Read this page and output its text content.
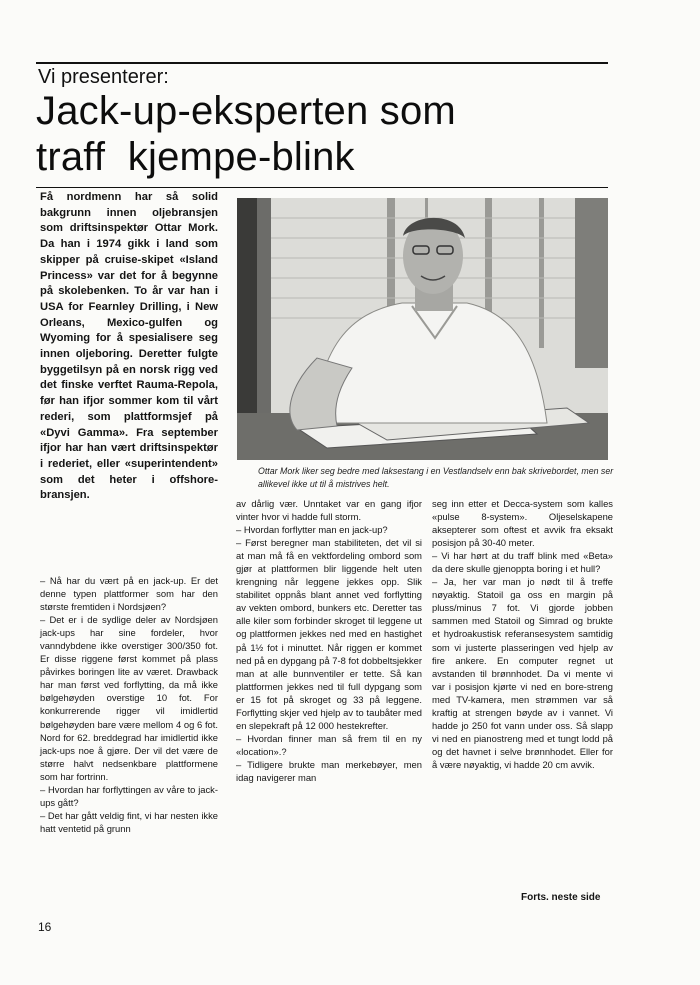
Vi presenterer:
Jack-up-eksperten som
traff  kjempe-blink

Få nordmenn har så solid bakgrunn innen oljebransjen som driftsinspektør Ottar Mork. Da han i 1974 gikk i land som skipper på cruise-skipet «Island Princess» var det for å begynne på skolebenken. To år var han i USA for Fearnley Drilling, i New Orleans, Mexico-gulfen og Wyoming for å spesialisere seg innen oljeboring. Deretter fulgte byggetilsyn på en norsk rigg ved det finske verftet Rauma-Repola, før han ifjor sommer kom til vårt rederi, som plattformsjef på «Dyvi Gamma». Fra september ifjor har han vært driftsinspektør i rederiet, eller «superintendent» som det heter i offshore-bransjen.

Ottar Mork liker seg bedre med laksestang i en Vestlandselv enn bak skrivebordet, men ser allikevel ikke ut til å mistrives helt.

– Nå har du vært på en jack-up. Er det denne typen plattformer som har den største fremtiden i Nordsjøen?

– Det er i de sydlige deler av Nordsjøen jack-ups har sine fordeler, hvor vanndybdene ikke overstiger 300/350 fot. Er disse riggene først kommet på plass påvirkes boringen lite av været. Drawback har man først ved forflytting, da må ikke bølgehøyden overstige 10 fot. For konkurrerende rigger vil imidlertid bølgehøyden bare være mellom 4 og 6 fot. Nord for 62. breddegrad har imidlertid ikke jack-ups noe å gjøre. Der vil det være de større halvt nedsenkbare plattformene som har fortrinn.

– Hvordan har forflyttingen av våre to jack-ups gått?

– Det har gått veldig fint, vi har nesten ikke hatt ventetid på grunn

av dårlig vær. Unntaket var en gang ifjor vinter hvor vi hadde full storm.

– Hvordan forflytter man en jack-up?

– Først beregner man stabiliteten, det vil si at man må få en vektfordeling ombord som gjør at plattformen blir liggende helt uten krengning når leggene jekkes opp. Slik stabilitet oppnås blant annet ved forflytting av vekten ombord, bunkers etc. Deretter tas alle kiler som forbinder skroget til leggene ut og plattformen jekkes ned med en hastighet på 1½ fot i minuttet. Når riggen er kommet ned på en dypgang på 7-8 fot dobbeltsjekker man at alle bunnventiler er tette. Så kan plattformen jekkes ned til full dypgang som er 15 fot på skroget og 33 på leggene. Forflytting skjer ved hjelp av to taubåter med en slepekraft på 12 000 hestekrefter.

– Hvordan finner man så frem til en ny «location».?

– Tidligere brukte man merkebøyer, men idag navigerer man

seg inn etter et Decca-system som kalles «pulse 8-system». Oljeselskapene aksepterer som oftest et avvik fra eksakt posisjon på 30-40 meter.

– Vi har hørt at du traff blink med «Beta» da dere skulle gjenoppta boring i et hull?

– Ja, her var man jo nødt til å treffe nøyaktig. Statoil ga oss en margin på pluss/minus 7 fot. Vi gjorde jobben sammen med Statoil og Simrad og brukte et hydroakustisk referansesystem samtidig som vi justerte plasseringen ved hjelp av fire ankere. En computer regnet ut avstanden til brønnhodet. Da vi mente vi var i posisjon kjørte vi ned en bore-streng med TV-kamera, men strømmen var så kraftig at strengen bøyde av i vannet. Vi hadde jo 250 fot vann under oss. Så slapp vi ned en pianostreng med et tungt lodd på og det havnet i selve brønnhodet. Eller for å være nøyaktig, vi hadde 20 cm avvik.

Forts. neste side
16
